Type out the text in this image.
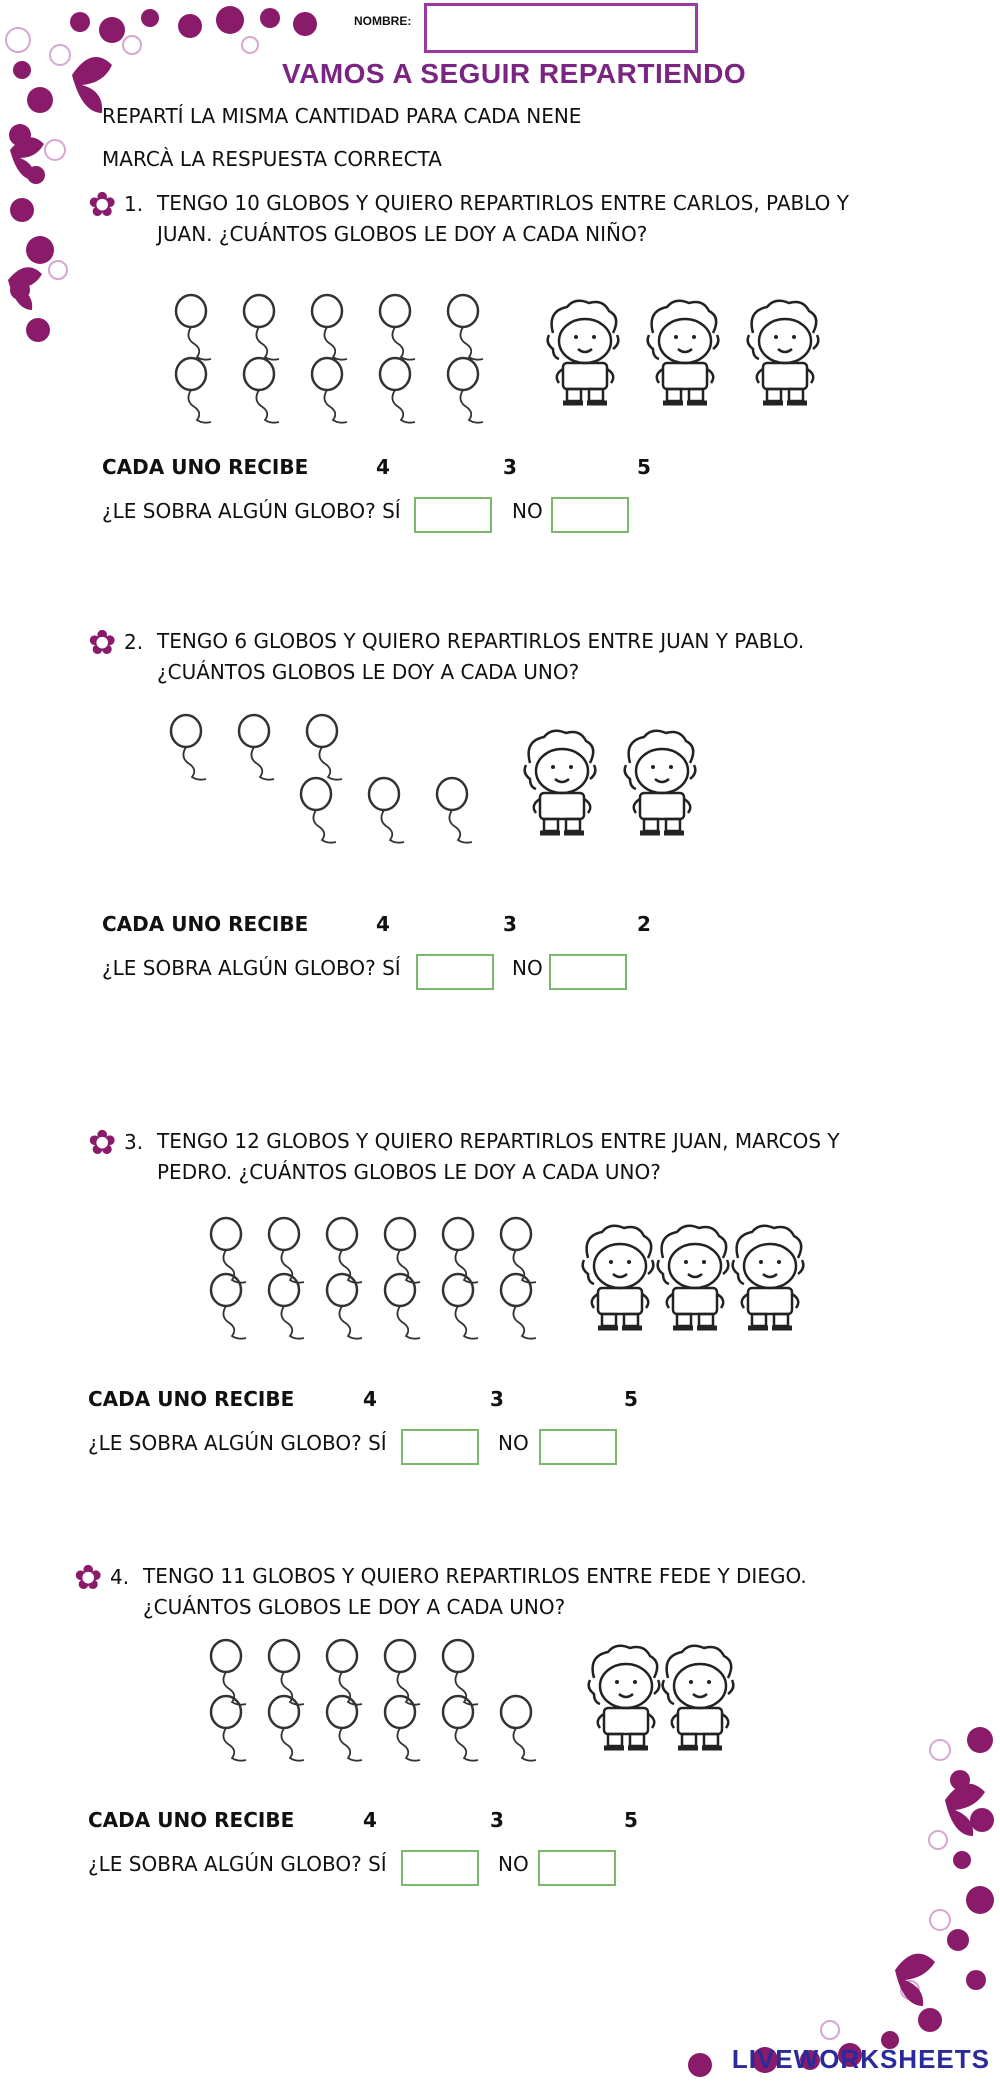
NOMBRE:
VAMOS A SEGUIR REPARTIENDO
REPARTÍ LA MISMA CANTIDAD PARA CADA NENE
MARCÀ LA RESPUESTA CORRECTA
✿ 1. TENGO 10 GLOBOS Y QUIERO REPARTIRLOS ENTRE CARLOS, PABLO Y
JUAN. ¿CUÁNTOS GLOBOS LE DOY A CADA NIÑO?
CADA UNO RECIBE	4	3	5
¿LE SOBRA ALGÚN GLOBO? SÍ	NO
✿ 2. TENGO 6 GLOBOS Y QUIERO REPARTIRLOS ENTRE JUAN Y PABLO.
¿CUÁNTOS GLOBOS LE DOY A CADA UNO?
CADA UNO RECIBE	4	3	2
¿LE SOBRA ALGÚN GLOBO? SÍ	NO
✿ 3. TENGO 12 GLOBOS Y QUIERO REPARTIRLOS ENTRE JUAN, MARCOS Y
PEDRO. ¿CUÁNTOS GLOBOS LE DOY A CADA UNO?
CADA UNO RECIBE	4	3	5
¿LE SOBRA ALGÚN GLOBO? SÍ	NO
✿ 4. TENGO 11 GLOBOS Y QUIERO REPARTIRLOS ENTRE FEDE Y DIEGO.
¿CUÁNTOS GLOBOS LE DOY A CADA UNO?
CADA UNO RECIBE	4	3	5
¿LE SOBRA ALGÚN GLOBO? SÍ	NO
LIVEWORKSHEETS
